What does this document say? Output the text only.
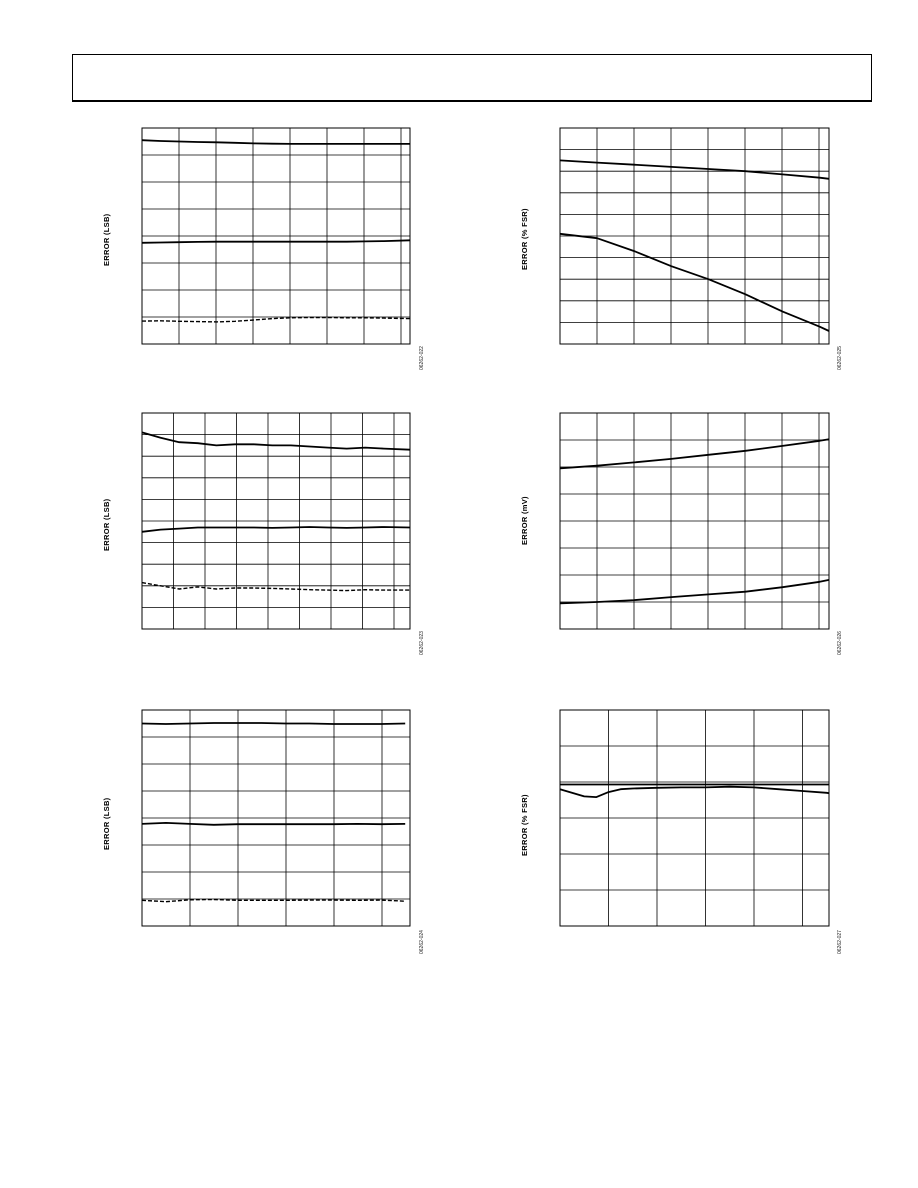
ERROR (LSB)
06262-022
ERROR (% FSR)
06262-025
ERROR (LSB)
06262-023
ERROR (mV)
06262-026
ERROR (LSB)
06262-024
ERROR (% FSR)
06262-027
